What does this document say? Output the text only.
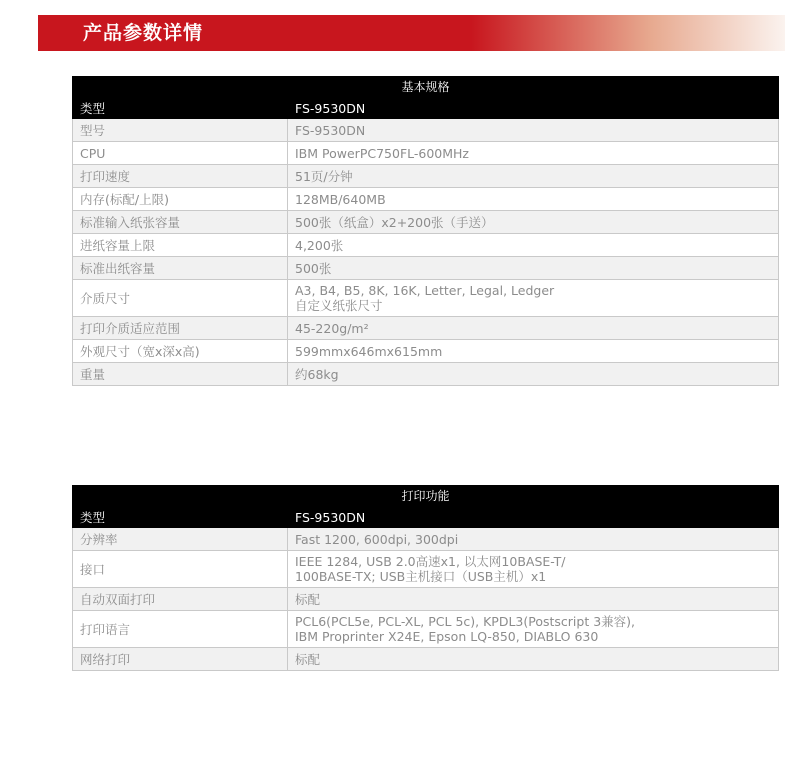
产品参数详情
基本规格	
类型	FS-9530DN
型号	FS-9530DN

CPU	IBM PowerPC750FL-600MHz

打印速度	51页/分钟

内存(标配/上限)	128MB/640MB

标准输入纸张容量	500张（纸盒）x2+200张（手送）

进纸容量上限	4,200张

标准出纸容量	500张

介质尺寸	A3, B4, B5, 8K, 16K, Letter, Legal, Ledger
自定义纸张尺寸

打印介质适应范围	45-220g/m²

外观尺寸（宽x深x高)	599mmx646mx615mm

重量	约68kg
打印功能	
类型	FS-9530DN
分辨率	Fast 1200, 600dpi, 300dpi

接口	IEEE 1284, USB 2.0高速x1, 以太网10BASE-T/
100BASE-TX; USB主机接口（USB主机）x1

自动双面打印	标配

打印语言	PCL6(PCL5e, PCL-XL, PCL 5c), KPDL3(Postscript 3兼容),
IBM Proprinter X24E, Epson LQ-850, DIABLO 630

网络打印	标配
